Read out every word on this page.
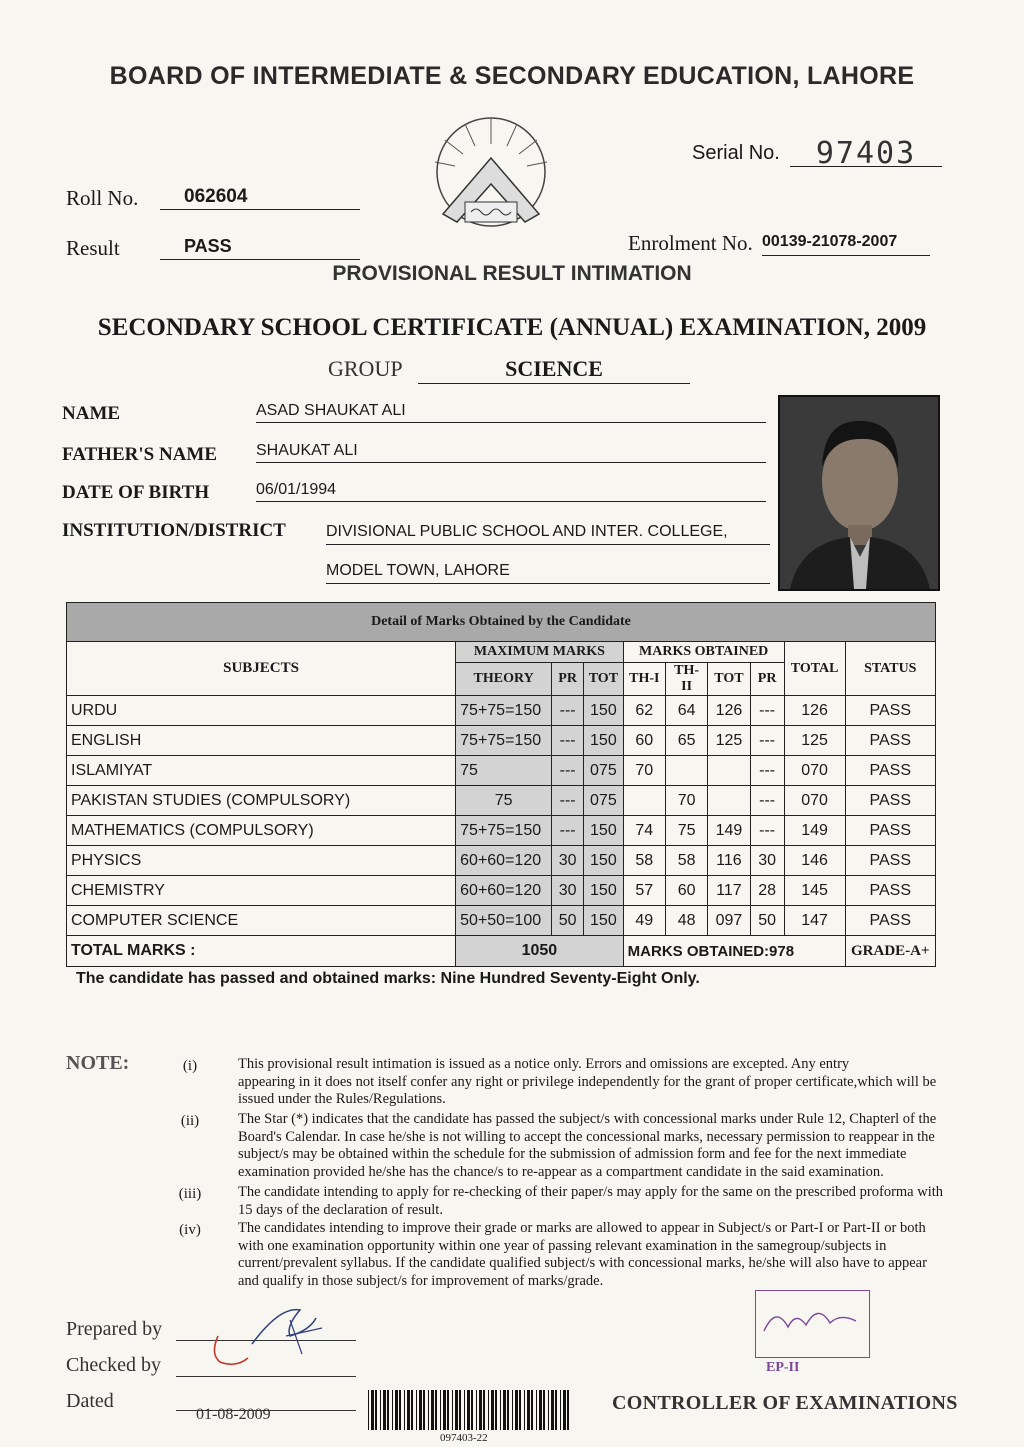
BOARD OF INTERMEDIATE & SECONDARY EDUCATION, LAHORE
Serial No.	97403
Roll No.	062604
Result	PASS	Enrolment No. 00139-21078-2007
PROVISIONAL RESULT INTIMATION
SECONDARY SCHOOL CERTIFICATE (ANNUAL) EXAMINATION, 2009
GROUP	SCIENCE
NAME	ASAD SHAUKAT ALI
FATHER'S NAME SHAUKAT ALI
DATE OF BIRTH	06/01/1994
INSTITUTION/DISTRICT	DIVISIONAL PUBLIC SCHOOL AND INTER. COLLEGE,
MODEL TOWN, LAHORE
Detail of Marks Obtained by the Candidate									
SUBJECTS	MAXIMUM MARKS			MARKS OBTAINED				TOTAL	STATUS
	THEORY	PR	TOT	TH-I	TH-II	TOT	PR		
URDU	75+75=150	---	150	62	64	126	---	126	PASS
ENGLISH	75+75=150	---	150	60	65	125	---	125	PASS
ISLAMIYAT	75	---	075	70			---	070	PASS
PAKISTAN STUDIES (COMPULSORY)	75	---	075		70		---	070	PASS
MATHEMATICS (COMPULSORY)	75+75=150	---	150	74	75	149	---	149	PASS
PHYSICS	60+60=120	30	150	58	58	116	30	146	PASS
CHEMISTRY	60+60=120	30	150	57	60	117	28	145	PASS
COMPUTER SCIENCE	50+50=100	50	150	49	48	097	50	147	PASS
TOTAL MARKS :	1050			MARKS OBTAINED:978					GRADE-A+
The candidate has passed and obtained marks: Nine Hundred Seventy-Eight Only.
NOTE:	(i)	This provisional result intimation is issued as a notice only. Errors and omissions are excepted. Any entry
appearing in it does not itself confer any right or privilege independently for the grant of proper certificate,which will be
issued under the Rules/Regulations.
(ii)	The Star (*) indicates that the candidate has passed the subject/s with concessional marks under Rule 12, Chapterl of the
Board's Calendar. In case he/she is not willing to accept the concessional marks, necessary permission to reappear in the
subject/s may be obtained within the schedule for the submission of admission form and fee for the next immediate
examination provided he/she has the chance/s to re-appear as a compartment candidate in the said examination.
(iii)	The candidate intending to apply for re-checking of their paper/s may apply for the same on the prescribed proforma with
15 days of the declaration of result.
(iv)	The candidates intending to improve their grade or marks are allowed to appear in Subject/s or Part-I or Part-II or both
with one examination opportunity within one year of passing relevant examination in the samegroup/subjects in
current/prevalent syllabus. If the candidate qualified subject/s with concessional marks, he/she will also have to appear
and qualify in those subject/s for improvement of marks/grade.
Prepared by
Checked by
Dated
01-08-2009
EP-II
CONTROLLER OF EXAMINATIONS
097403-22
